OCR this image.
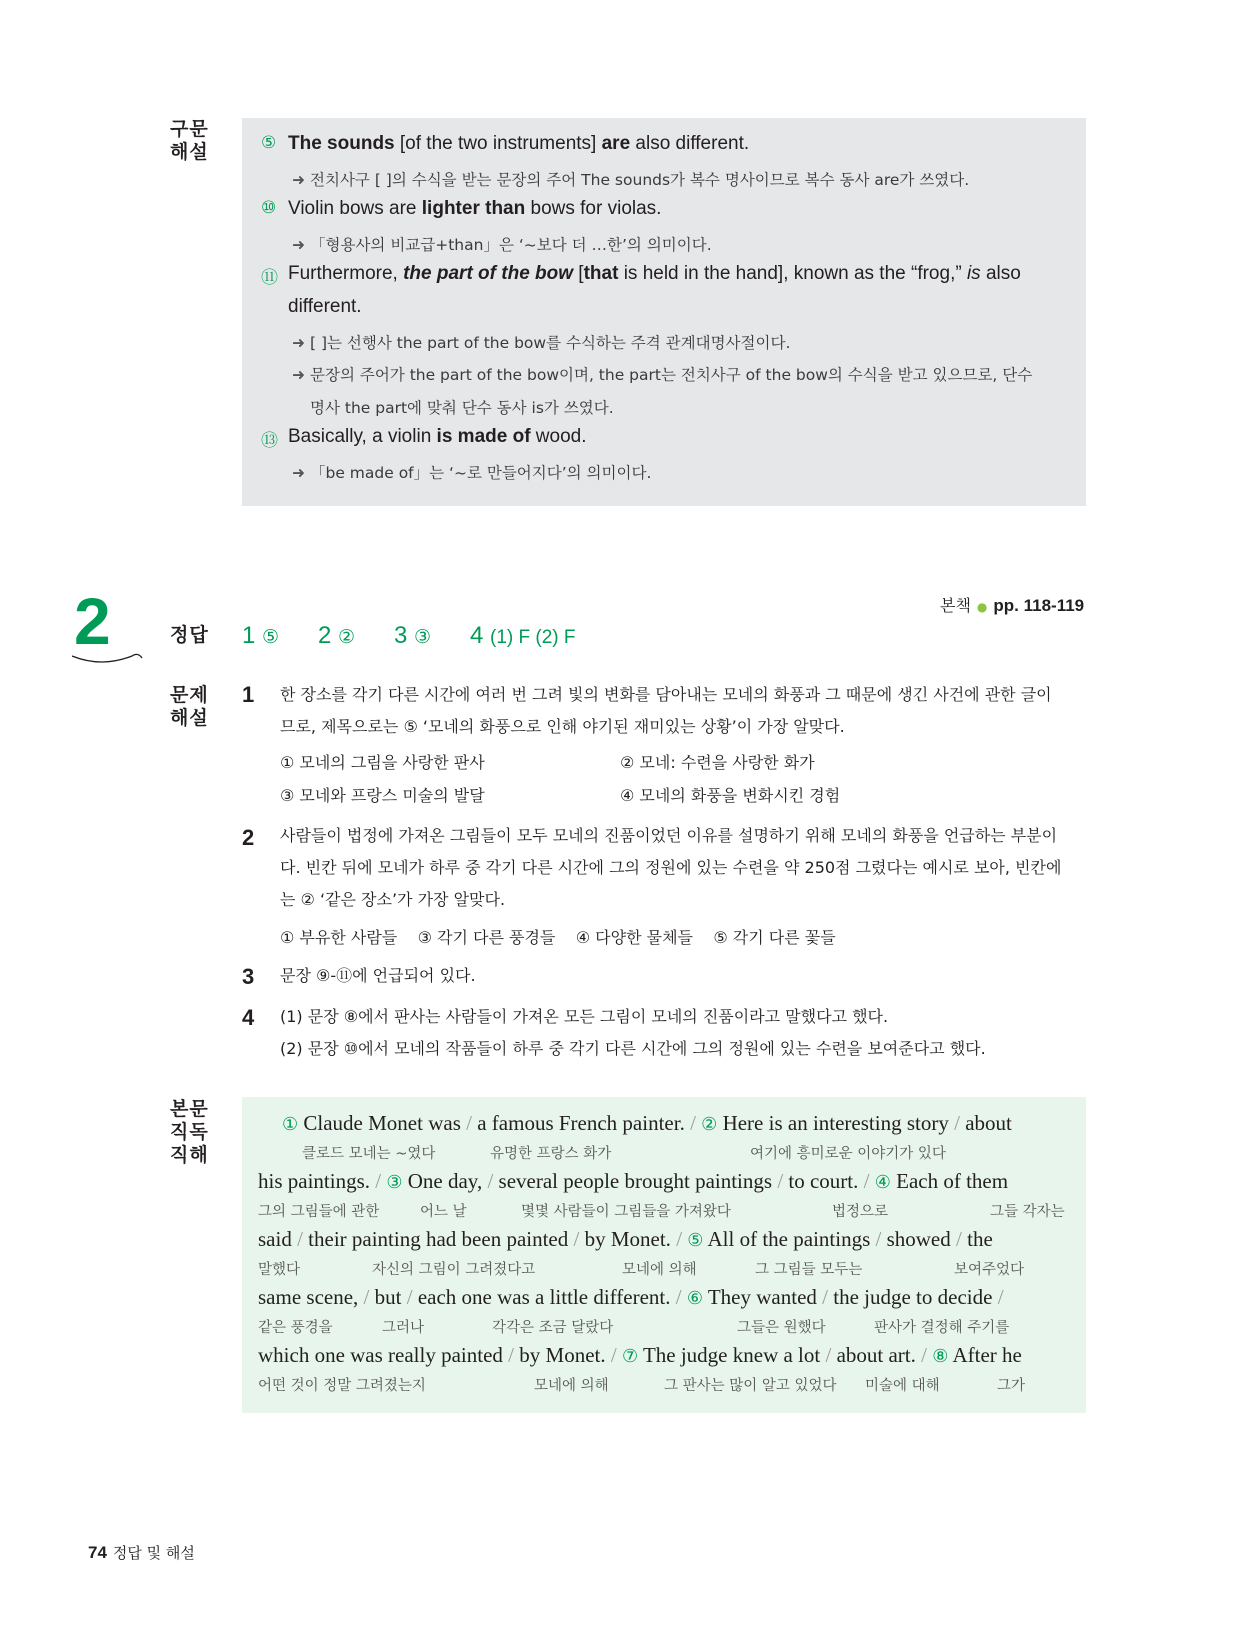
구문
해설	⑤ The sounds [of the two instruments] are also different.
➜ 전치사구 [ ]의 수식을 받는 문장의 주어 The sounds가 복수 명사이므로 복수 동사 are가 쓰였다.
⑩ Violin bows are lighter than bows for violas.
➜ 「형용사의 비교급+than」은 ‘~보다 더 …한’의 의미이다.
⑪ Furthermore, the part of the bow [that is held in the hand], known as the “frog,” is also
different.
➜ [ ]는 선행사 the part of the bow를 수식하는 주격 관계대명사절이다.
➜ 문장의 주어가 the part of the bow이며, the part는 전치사구 of the bow의 수식을 받고 있으므로, 단수
명사 the part에 맞춰 단수 동사 is가 쓰였다.
⑬ Basically, a violin is made of wood.
➜ 「be made of」는 ‘~로 만들어지다’의 의미이다.
2	본책 ● pp. 118-119
정답 1 ⑤ 2 ② 3 ③ 4 (1) F (2) F
문제
해설
1 한 장소를 각기 다른 시간에 여러 번 그려 빛의 변화를 담아내는 모네의 화풍과 그 때문에 생긴 사건에 관한 글이
므로, 제목으로는 ⑤ ‘모네의 화풍으로 인해 야기된 재미있는 상황’이 가장 알맞다.
① 모네의 그림을 사랑한 판사	② 모네: 수련을 사랑한 화가
③ 모네와 프랑스 미술의 발달	④ 모네의 화풍을 변화시킨 경험
2 사람들이 법정에 가져온 그림들이 모두 모네의 진품이었던 이유를 설명하기 위해 모네의 화풍을 언급하는 부분이
다. 빈칸 뒤에 모네가 하루 중 각기 다른 시간에 그의 정원에 있는 수련을 약 250점 그렸다는 예시로 보아, 빈칸에
는 ② ‘같은 장소’가 가장 알맞다.
① 부유한 사람들    ③ 각기 다른 풍경들    ④ 다양한 물체들    ⑤ 각기 다른 꽃들
3 문장 ⑨-⑪에 언급되어 있다.
4 (1) 문장 ⑧에서 판사는 사람들이 가져온 모든 그림이 모네의 진품이라고 말했다고 했다.
(2) 문장 ⑩에서 모네의 작품들이 하루 중 각기 다른 시간에 그의 정원에 있는 수련을 보여준다고 했다.
본문
직독
직해
① Claude Monet was / a famous French painter. / ② Here is an interesting story / about
클로드 모네는 ~였다	유명한 프랑스 화가	여기에 흥미로운 이야기가 있다
his paintings. / ③ One day, / several people brought paintings / to court. / ④ Each of them
그의 그림들에 관한	어느 날	몇몇 사람들이 그림들을 가져왔다	법정으로	그들 각자는
said / their painting had been painted / by Monet. / ⑤ All of the paintings / showed / the
말했다	자신의 그림이 그려졌다고	모네에 의해	그 그림들 모두는	보여주었다
same scene, / but / each one was a little different. / ⑥ They wanted / the judge to decide /
같은 풍경을	그러나	각각은 조금 달랐다	그들은 원했다	판사가 결정해 주기를
which one was really painted / by Monet. / ⑦ The judge knew a lot / about art. / ⑧ After he
어떤 것이 정말 그려졌는지	모네에 의해	그 판사는 많이 알고 있었다 미술에 대해	그가
74 정답 및 해설
